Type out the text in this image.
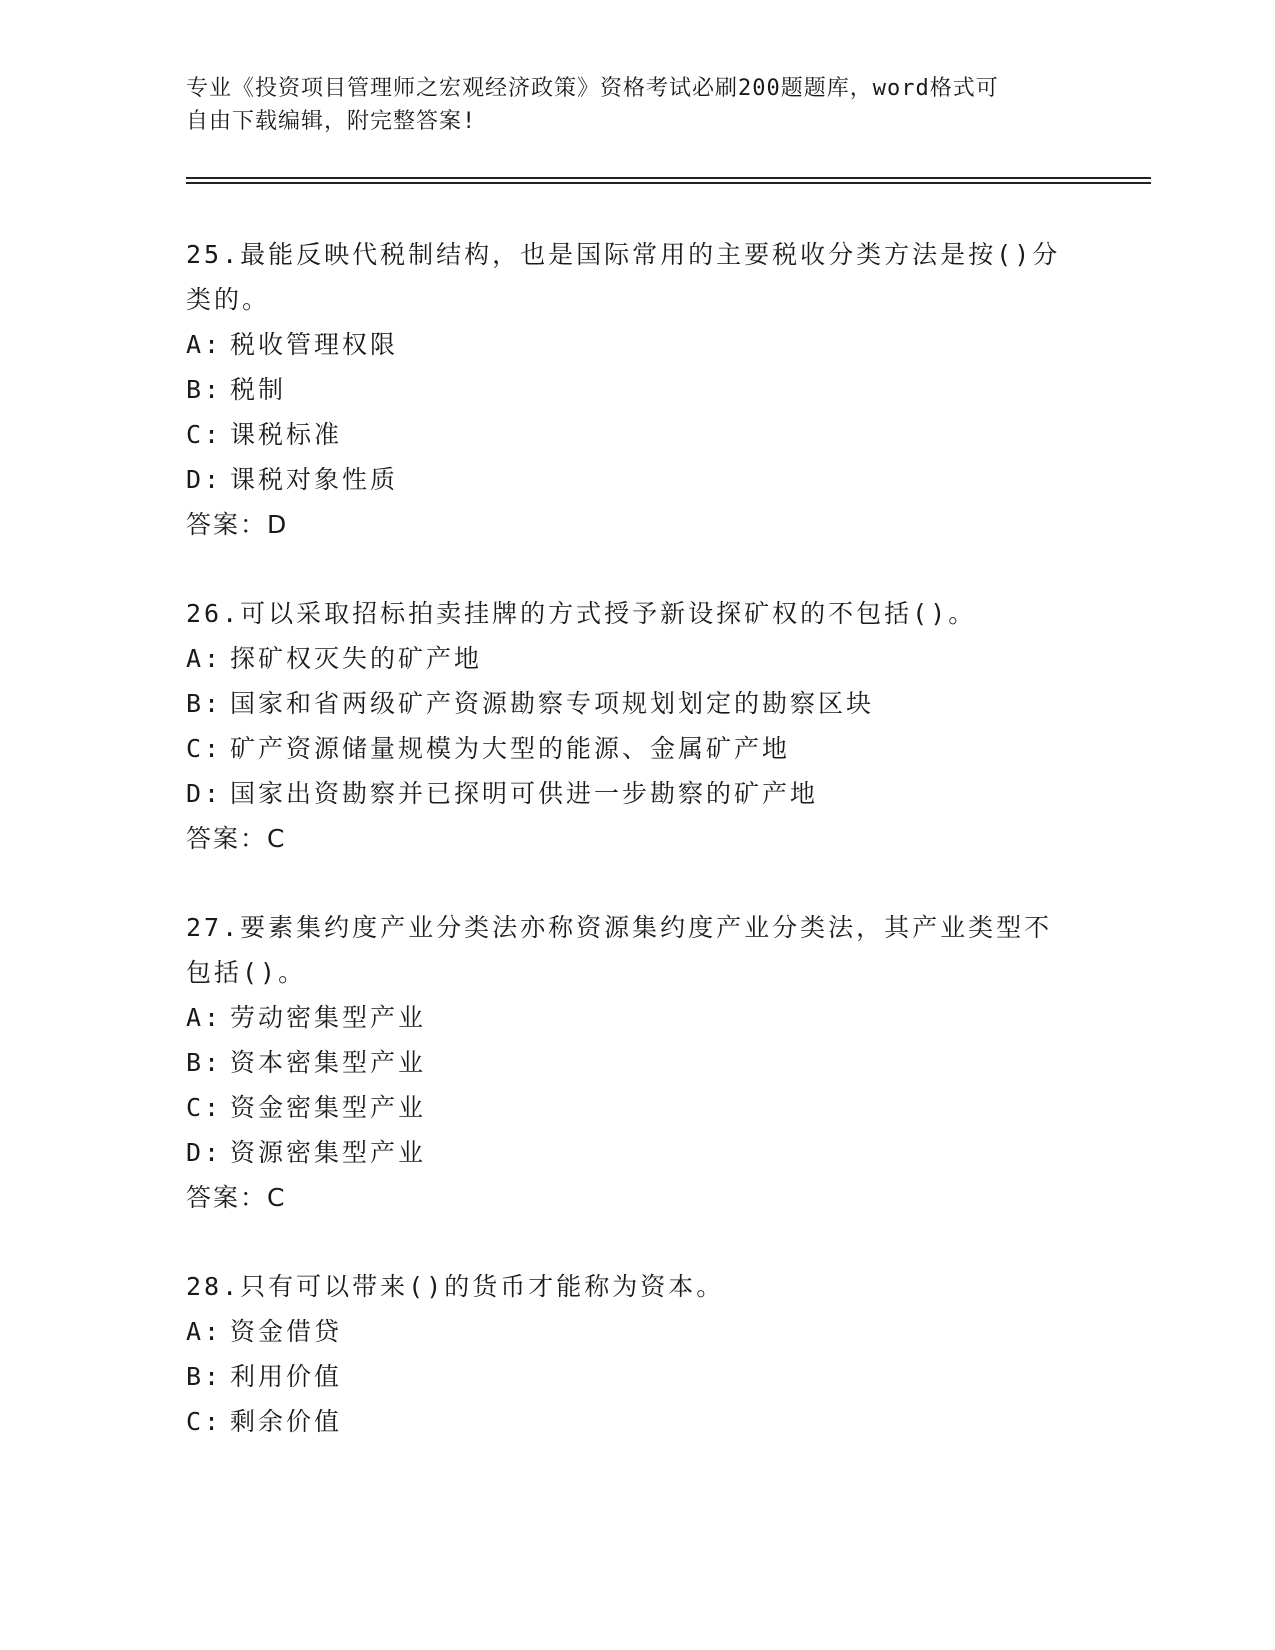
专业《投资项目管理师之宏观经济政策》资格考试必刷200题题库，word格式可
自由下载编辑，附完整答案!
25.最能反映代税制结构，也是国际常用的主要税收分类方法是按()分类的。
A: 税收管理权限
B: 税制
C: 课税标准
D: 课税对象性质
答案：D
26.可以采取招标拍卖挂牌的方式授予新设探矿权的不包括()。
A: 探矿权灭失的矿产地
B: 国家和省两级矿产资源勘察专项规划划定的勘察区块
C: 矿产资源储量规模为大型的能源、金属矿产地
D: 国家出资勘察并已探明可供进一步勘察的矿产地
答案：C
27.要素集约度产业分类法亦称资源集约度产业分类法，其产业类型不包括()。
A: 劳动密集型产业
B: 资本密集型产业
C: 资金密集型产业
D: 资源密集型产业
答案：C
28.只有可以带来()的货币才能称为资本。
A: 资金借贷
B: 利用价值
C: 剩余价值
